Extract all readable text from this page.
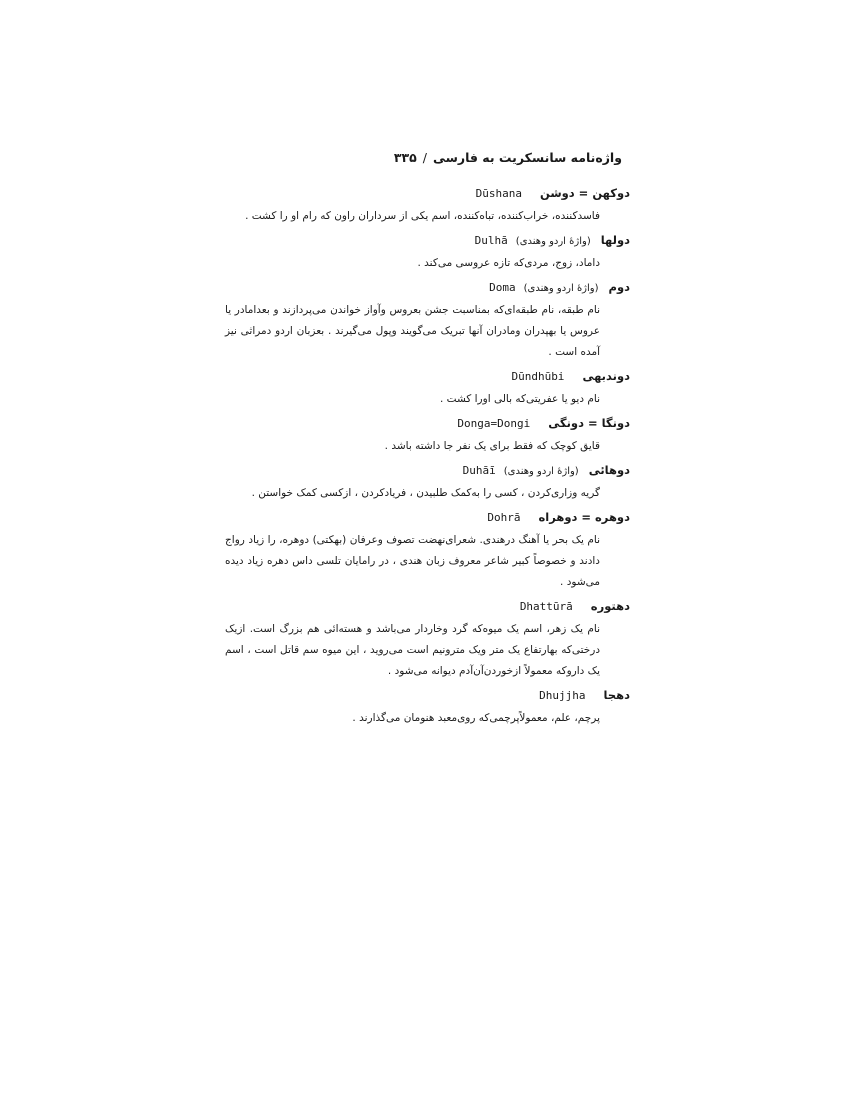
واژه‌نامه سانسکریت به فارسی
/
۳۳۵
دوکهن = دوشن
Dūshana
فاسدکننده، خراب‌کننده، تباه‌کننده، اسم یکی از سرداران راون که رام او را کشت .
دولها
(واژهٔ اردو وهندی)
Dulhā
داماد، زوج، مردی‌که تازه عروسی می‌کند .
دوم
(واژهٔ اردو وهندی)
Doma
نام طبقه، نام طبقه‌ای‌که بمناسبت جشن بعروس وآواز خواندن می‌پردازند و بعدامادر یا عروس یا بهپدران ومادران آنها تبریک می‌گویند وپول می‌گیرند . بعزبان اردو دمراثی نیز آمده است .
دوندبهی
Dūndhūbi
نام دیو یا عفریتی‌که بالی اورا کشت .
دونگا = دونگی
Donga=Dongi
قایق کوچک که فقط برای یک نفر جا داشته باشد .
دوهائی
(واژهٔ اردو وهندی)
Duhāī
گریه وزاری‌کردن ، کسی را به‌کمک طلبیدن ، فریادکردن ، ازکسی کمک خواستن .
دوهره = دوهراه
Dohrā
نام یک بحر یا آهنگ درهندی. شعرای‌نهضت تصوف وعرفان (بهکتی) دوهره، را زیاد رواج دادند و خصوصاً کبیر شاعر معروف زبان هندی ، در رامایان تلسی داس دهره زیاد دیده می‌شود .
دهتوره
Dhattūrā
نام یک زهر، اسم یک میوه‌که گرد وخاردار می‌باشد و هسته‌ائی هم بزرگ است. ازیک درختی‌که بهارتفاع یک متر ویک مترونیم است می‌روید ، این میوه سم قاتل است ، اسم یک داروکه معمولاً ازخوردن‌آن‌آدم دیوانه می‌شود .
دهجا
Dhujjha
پرچم، علم، معمولاًپرچمی‌که روی‌معبد هنومان می‌گذارند .
